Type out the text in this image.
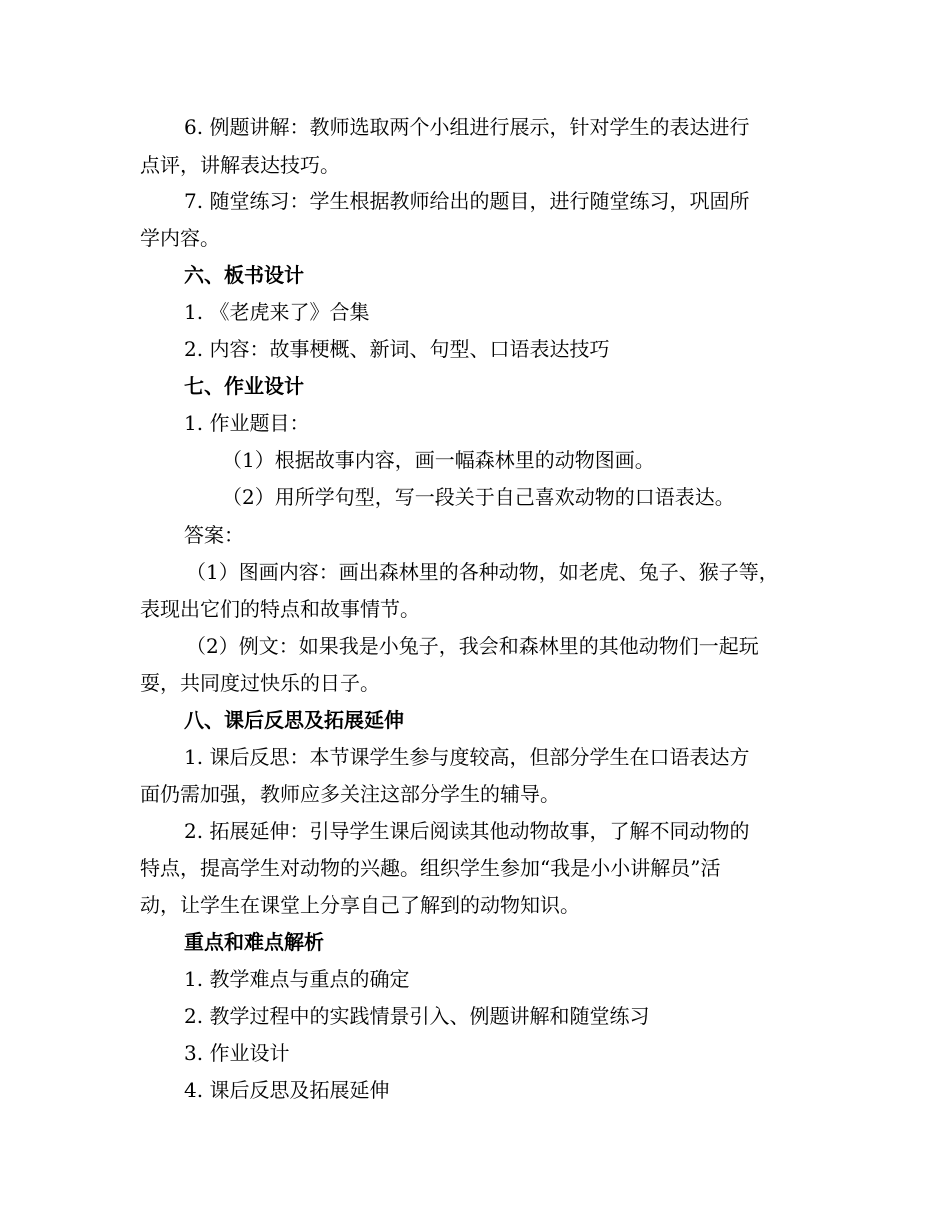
6. 例题讲解：教师选取两个小组进行展示，针对学生的表达进行
点评，讲解表达技巧。
7. 随堂练习：学生根据教师给出的题目，进行随堂练习，巩固所
学内容。
六、板书设计
1. 《老虎来了》合集
2. 内容：故事梗概、新词、句型、口语表达技巧
七、作业设计
1. 作业题目：
（1）根据故事内容，画一幅森林里的动物图画。
（2）用所学句型，写一段关于自己喜欢动物的口语表达。
答案：
（1）图画内容：画出森林里的各种动物，如老虎、兔子、猴子等，
表现出它们的特点和故事情节。
（2）例文：如果我是小兔子，我会和森林里的其他动物们一起玩
耍，共同度过快乐的日子。
八、课后反思及拓展延伸
1. 课后反思：本节课学生参与度较高，但部分学生在口语表达方
面仍需加强，教师应多关注这部分学生的辅导。
2. 拓展延伸：引导学生课后阅读其他动物故事，了解不同动物的
特点，提高学生对动物的兴趣。组织学生参加“我是小小讲解员”活
动，让学生在课堂上分享自己了解到的动物知识。
重点和难点解析
1. 教学难点与重点的确定
2. 教学过程中的实践情景引入、例题讲解和随堂练习
3. 作业设计
4. 课后反思及拓展延伸
